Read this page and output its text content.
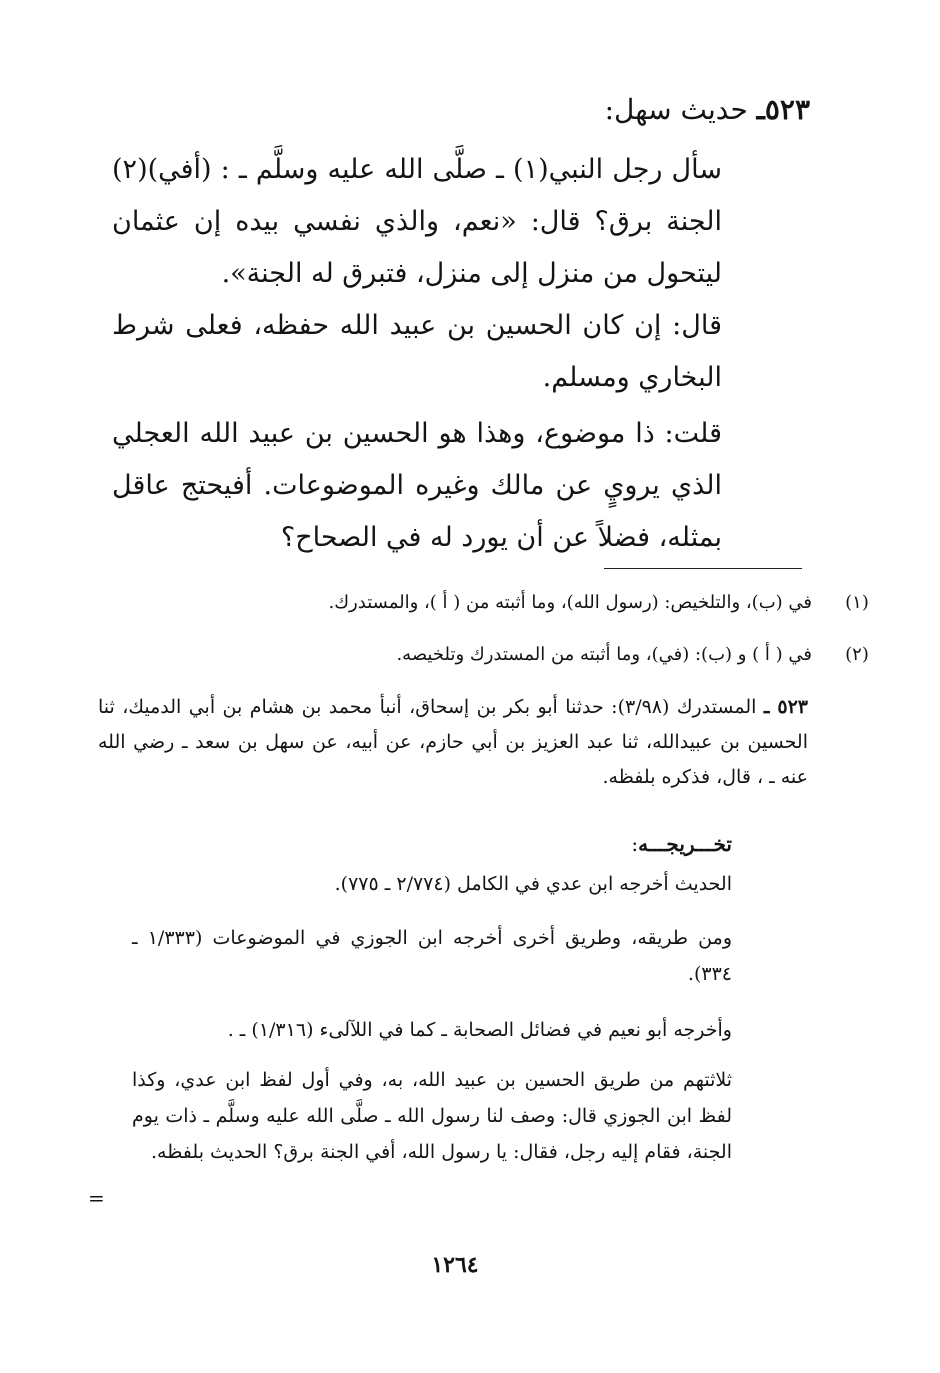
٥٢٣ـ حديث سهل:

سأل رجل النبي(١) ـ صلَّى الله عليه وسلَّم ـ : (أفي)(٢) الجنة برق؟ قال: «نعم، والذي نفسي بيده إن عثمان ليتحول من منزل إلى منزل، فتبرق له الجنة».

قال: إن كان الحسين بن عبيد الله حفظه، فعلى شرط البخاري ومسلم.

قلت: ذا موضوع، وهذا هو الحسين بن عبيد الله العجلي الذي يرويٍ عن مالك وغيره الموضوعات. أفيحتج عاقل بمثله، فضلاً عن أن يورد له في الصحاح؟

في (ب)، والتلخيص: (رسول الله)، وما أثبته من ( أ )، والمستدرك.	(١)
في ( أ ) و (ب): (في)، وما أثبته من المستدرك وتلخيصه.	(٢)
٥٢٣ ـ المستدرك (٣/٩٨): حدثنا أبو بكر بن إسحاق، أنبأ محمد بن هشام بن أبي الدميك، ثنا الحسين بن عبيدالله، ثنا عبد العزيز بن أبي حازم، عن أبيه، عن سهل بن سعد ـ رضي الله عنه ـ ، قال، فذكره بلفظه.
تخـــريجـــه:
الحديث أخرجه ابن عدي في الكامل (٢/٧٧٤ ـ ٧٧٥).
ومن طريقه، وطريق أخرى أخرجه ابن الجوزي في الموضوعات (١/٣٣٣ ـ ٣٣٤).
وأخرجه أبو نعيم في فضائل الصحابة ـ كما في اللآلىء (١/٣١٦) ـ .
ثلاثتهم من طريق الحسين بن عبيد الله، به، وفي أول لفظ ابن عدي، وكذا لفظ ابن الجوزي قال: وصف لنا رسول الله ـ صلَّى الله عليه وسلَّم ـ ذات يوم الجنة، فقام إليه رجل، فقال: يا رسول الله، أفي الجنة برق؟ الحديث بلفظه.
=
١٢٦٤
